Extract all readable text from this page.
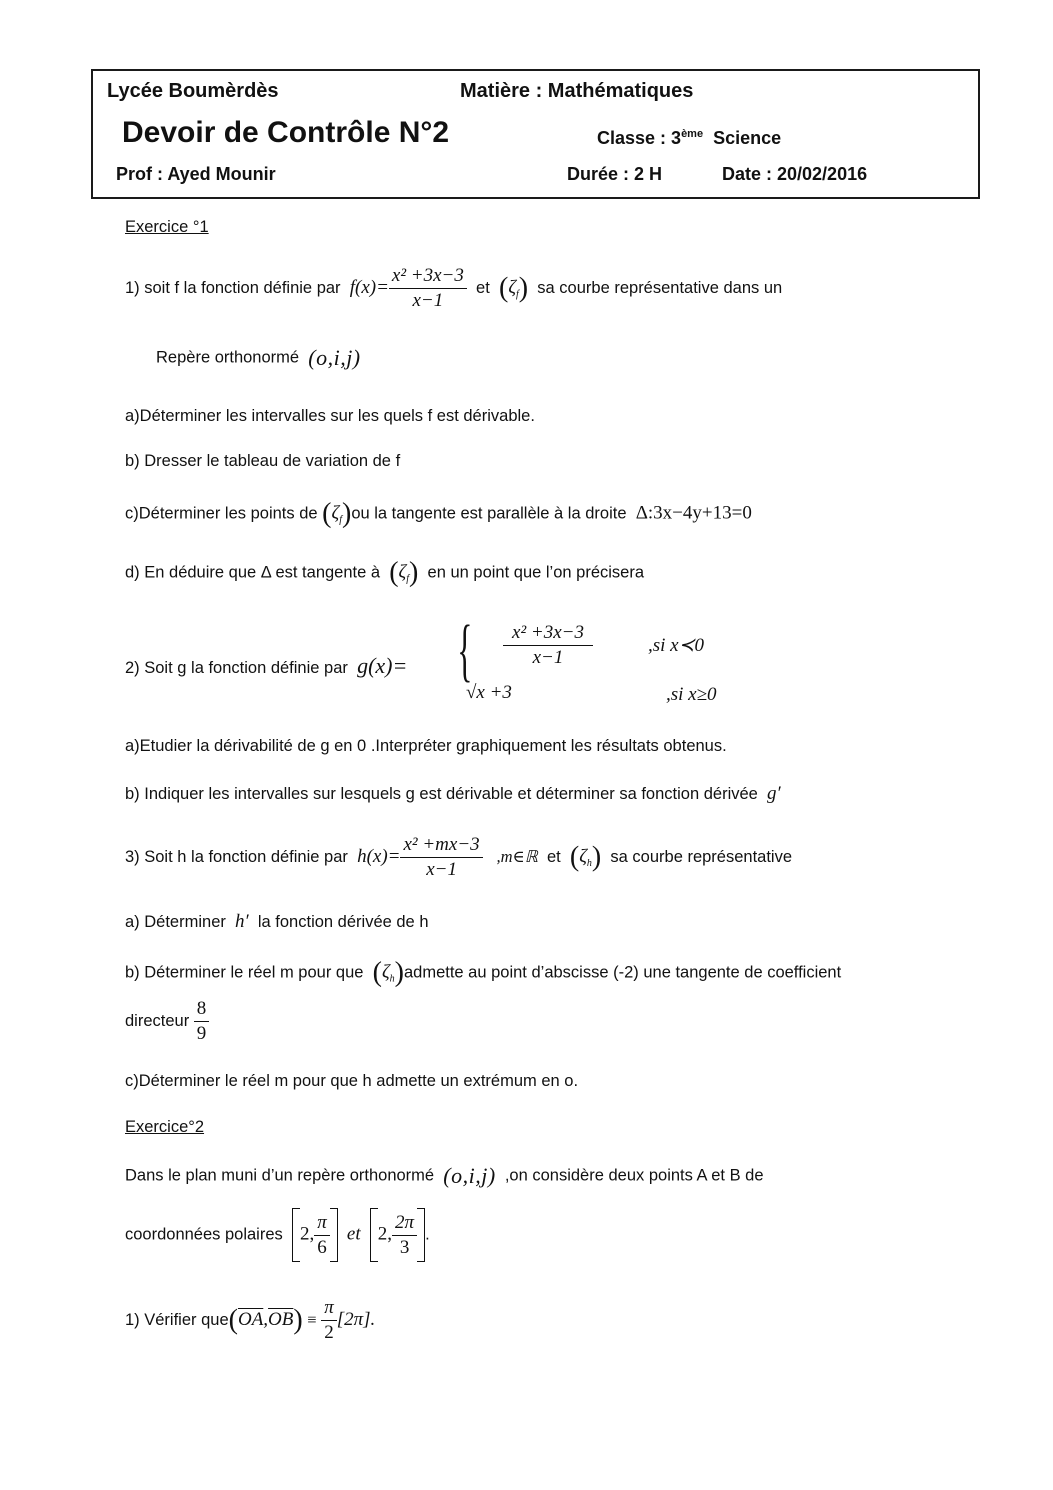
Lycée Boumèrdès	Matière : Mathématiques
Devoir de Contrôle N°2	Classe : 3ème Science
Prof : Ayed Mounir	Durée : 2 H	Date : 20/02/2016
Exercice °1
1) soit f la fonction définie par $f(x)= \frac{\text{x² +3x−3}}{x-1}$ et $(\zeta_f)$ sa courbe représentative dans un
Repère orthonormé (o,i,j)
a)Déterminer les intervalles sur les quels f est dérivable.
b) Dresser le tableau de variation de f
c)Déterminer les points de $(\zeta_f)ou$ la tangente est parallèle à la droite Δ:3x−4y+13=0
d) En déduire que Δ est tangente à $(\zeta_f)$ en un point que l’on précisera
2) Soit g la fonction définie par g(x)= { $\frac{\text{x² +3x−3}}{x-1}$	,si x≺0
√x +3	,si x≥0
a)Etudier la dérivabilité de g en 0 .Interpréter graphiquement les résultats obtenus.
b) Indiquer les intervalles sur lesquels g est dérivable et déterminer sa fonction dérivée g′
3) Soit h la fonction définie par $h(x)= \frac{\text{x² +mx−3}}{x-1}$ ,m∈ℝ et $(\zeta_h)$ sa courbe représentative
a) Déterminer h′ la fonction dérivée de h
b) Déterminer le réel m pour que $(\zeta_h)admette$ au point d’abscisse (-2) une tangente de coefficient
directeur $\frac{8}{9}$
c)Déterminer le réel m pour que h admette un extrémum en o.
Exercice°2
Dans le plan muni d’un repère orthonormé (o,i,j) ,on considère deux points A et B de
coordonnées polaires 2, $\frac{\pi}{6}$ et 2, $\frac{2\pi}{3}$ .
1) Vérifier $que(\overline{OA},\overline{OB}) \equiv \frac{\pi}{2} [2\pi]$.
